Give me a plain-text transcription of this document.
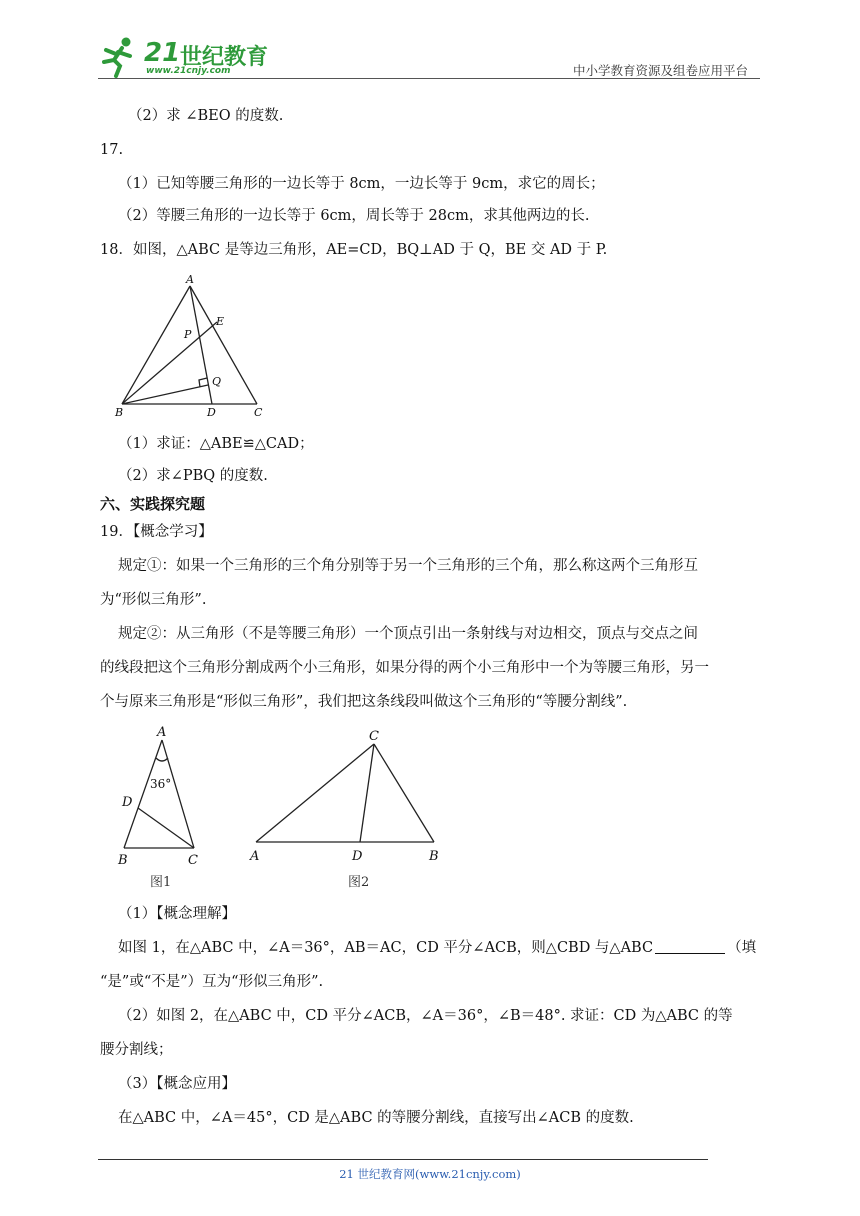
21 世纪教育
www.21cnjy.com	中小学教育资源及组卷应用平台
（2）求 ∠BEO 的度数.
17.
（1）已知等腰三角形的一边长等于 8cm，一边长等于 9cm，求它的周长；
（2）等腰三角形的一边长等于 6cm，周长等于 28cm，求其他两边的长.
18．如图，△ABC 是等边三角形，AE=CD，BQ⊥AD 于 Q，BE 交 AD 于 P.
A
B	C
D
E
P
Q
（1）求证：△ABE≌△CAD；
（2）求∠PBQ 的度数.
六、实践探究题
19．【概念学习】
规定①：如果一个三角形的三个角分别等于另一个三角形的三个角，那么称这两个三角形互
为“形似三角形”.
规定②：从三角形（不是等腰三角形）一个顶点引出一条射线与对边相交，顶点与交点之间
的线段把这个三角形分割成两个小三角形，如果分得的两个小三角形中一个为等腰三角形，另一
个与原来三角形是“形似三角形”，我们把这条线段叫做这个三角形的“等腰分割线”.
A
B	C
D
36°
图1
C
A	D	B
图2
（1）【概念理解】
如图 1，在△ABC 中，∠A＝36°，AB＝AC，CD 平分∠ACB，则△CBD 与△ABC	（填
“是”或“不是”）互为“形似三角形”.
（2）如图 2，在△ABC 中，CD 平分∠ACB，∠A＝36°，∠B＝48°. 求证：CD 为△ABC 的等
腰分割线；
（3）【概念应用】
在△ABC 中，∠A＝45°，CD 是△ABC 的等腰分割线，直接写出∠ACB 的度数.
21 世纪教育网(www.21cnjy.com)
